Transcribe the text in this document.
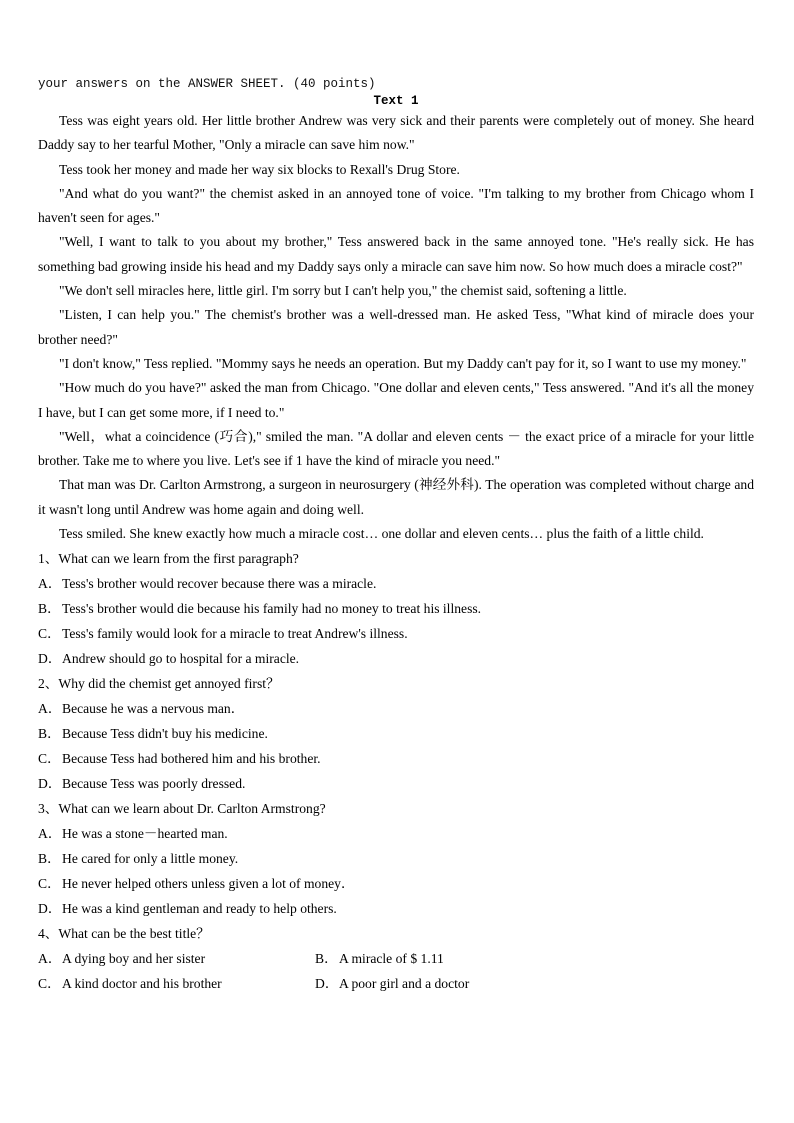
your answers on the ANSWER SHEET. (40 points)

Text 1

Tess was eight years old. Her little brother Andrew was very sick and their parents were completely out of money. She heard Daddy say to her tearful Mother, "Only a miracle can save him now."

Tess took her money and made her way six blocks to Rexall's Drug Store.

"And what do you want?" the chemist asked in an annoyed tone of voice. "I'm talking to my brother from Chicago whom I haven't seen for ages."

"Well, I want to talk to you about my brother," Tess answered back in the same annoyed tone. "He's really sick. He has something bad growing inside his head and my Daddy says only a miracle can save him now. So how much does a miracle cost?"

"We don't sell miracles here, little girl. I'm sorry but I can't help you," the chemist said, softening a little.

"Listen, I can help you." The chemist's brother was a well-dressed man. He asked Tess, "What kind of miracle does your brother need?"

"I don't know," Tess replied. "Mommy says he needs an operation. But my Daddy can't pay for it, so I want to use my money."

"How much do you have?" asked the man from Chicago. "One dollar and eleven cents," Tess answered. "And it's all the money I have, but I can get some more, if I need to."

"Well，what a coincidence (巧合)," smiled the man. "A dollar and eleven cents － the exact price of a miracle for your little brother. Take me to where you live. Let's see if 1 have the kind of miracle you need."

That man was Dr. Carlton Armstrong, a surgeon in neurosurgery (神经外科). The operation was completed without charge and it wasn't long until Andrew was home again and doing well.

Tess smiled. She knew exactly how much a miracle cost… one dollar and eleven cents… plus the faith of a little child.

1、What can we learn from the first paragraph?

A．Tess's brother would recover because there was a miracle.

B．Tess's brother would die because his family had no money to treat his illness.

C．Tess's family would look for a miracle to treat Andrew's illness.

D．Andrew should go to hospital for a miracle.

2、Why did the chemist get annoyed first？

A．Because he was a nervous man．

B．Because Tess didn't buy his medicine.

C．Because Tess had bothered him and his brother.

D．Because Tess was poorly dressed.

3、What can we learn about Dr. Carlton Armstrong?

A．He was a stone－hearted man.

B．He cared for only a little money.

C．He never helped others unless given a lot of money．

D．He was a kind gentleman and ready to help others.

4、What can be the best title？

A．A dying boy and her sister	B．A miracle of $ 1.11

C．A kind doctor and his brother	D．A poor girl and a doctor
